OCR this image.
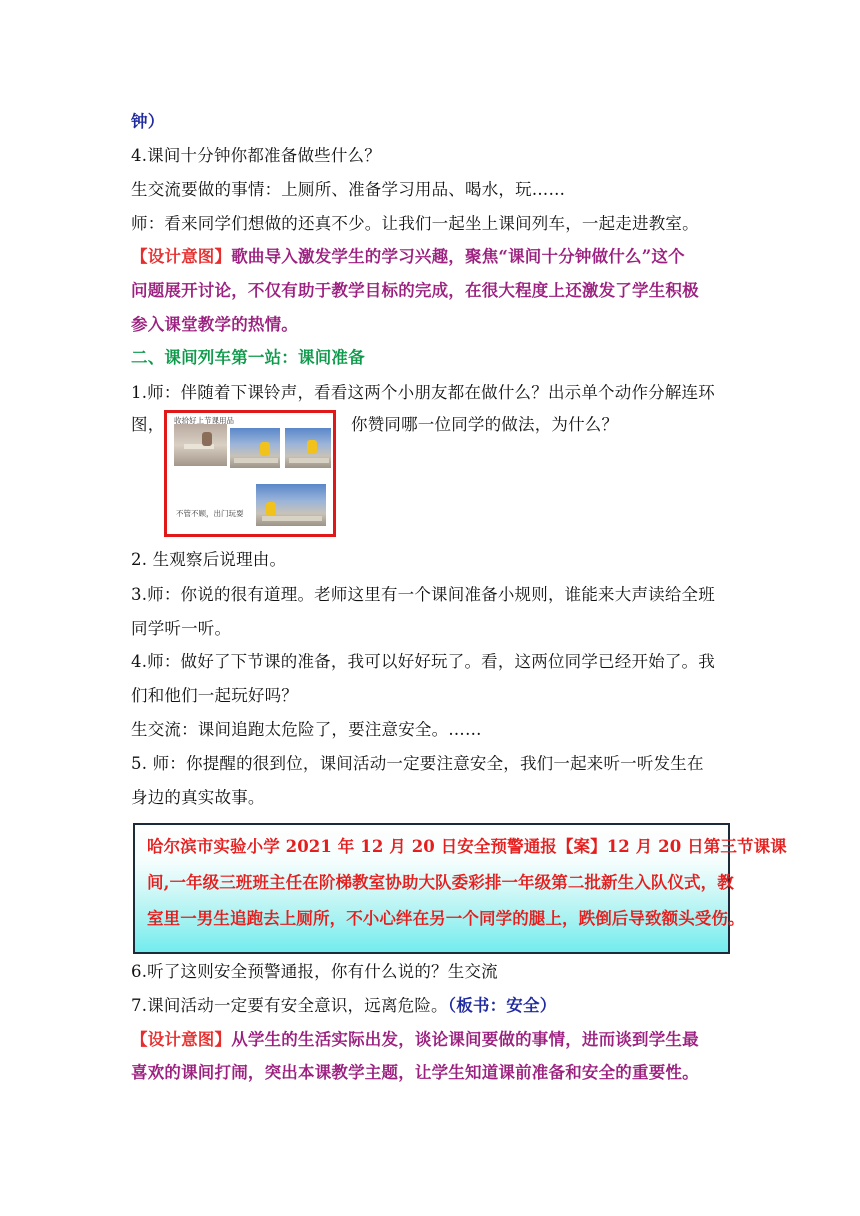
钟）
4.课间十分钟你都准备做些什么？
生交流要做的事情：上厕所、准备学习用品、喝水，玩……
师：看来同学们想做的还真不少。让我们一起坐上课间列车，一起走进教室。
【设计意图】歌曲导入激发学生的学习兴趣，聚焦“课间十分钟做什么”这个
问题展开讨论，不仅有助于教学目标的完成，在很大程度上还激发了学生积极
参入课堂教学的热情。
二、课间列车第一站：课间准备
1.师：伴随着下课铃声，看看这两个小朋友都在做什么？出示单个动作分解连环
图，	你赞同哪一位同学的做法，为什么？
收拾好上节课用品
不管不顾，出门玩耍
2. 生观察后说理由。
3.师：你说的很有道理。老师这里有一个课间准备小规则，谁能来大声读给全班
同学听一听。
4.师：做好了下节课的准备，我可以好好玩了。看，这两位同学已经开始了。我
们和他们一起玩好吗？
生交流：课间追跑太危险了，要注意安全。……
5. 师：你提醒的很到位，课间活动一定要注意安全，我们一起来听一听发生在
身边的真实故事。
哈尔滨市实验小学 2021 年 12 月 20 日安全预警通报【案】12 月 20 日第三节课课
间,一年级三班班主任在阶梯教室协助大队委彩排一年级第二批新生入队仪式，教
室里一男生追跑去上厕所，不小心绊在另一个同学的腿上，跌倒后导致额头受伤。
6.听了这则安全预警通报，你有什么说的？生交流
7.课间活动一定要有安全意识，远离危险。（板书：安全）
【设计意图】从学生的生活实际出发，谈论课间要做的事情，进而谈到学生最
喜欢的课间打闹，突出本课教学主题，让学生知道课前准备和安全的重要性。
